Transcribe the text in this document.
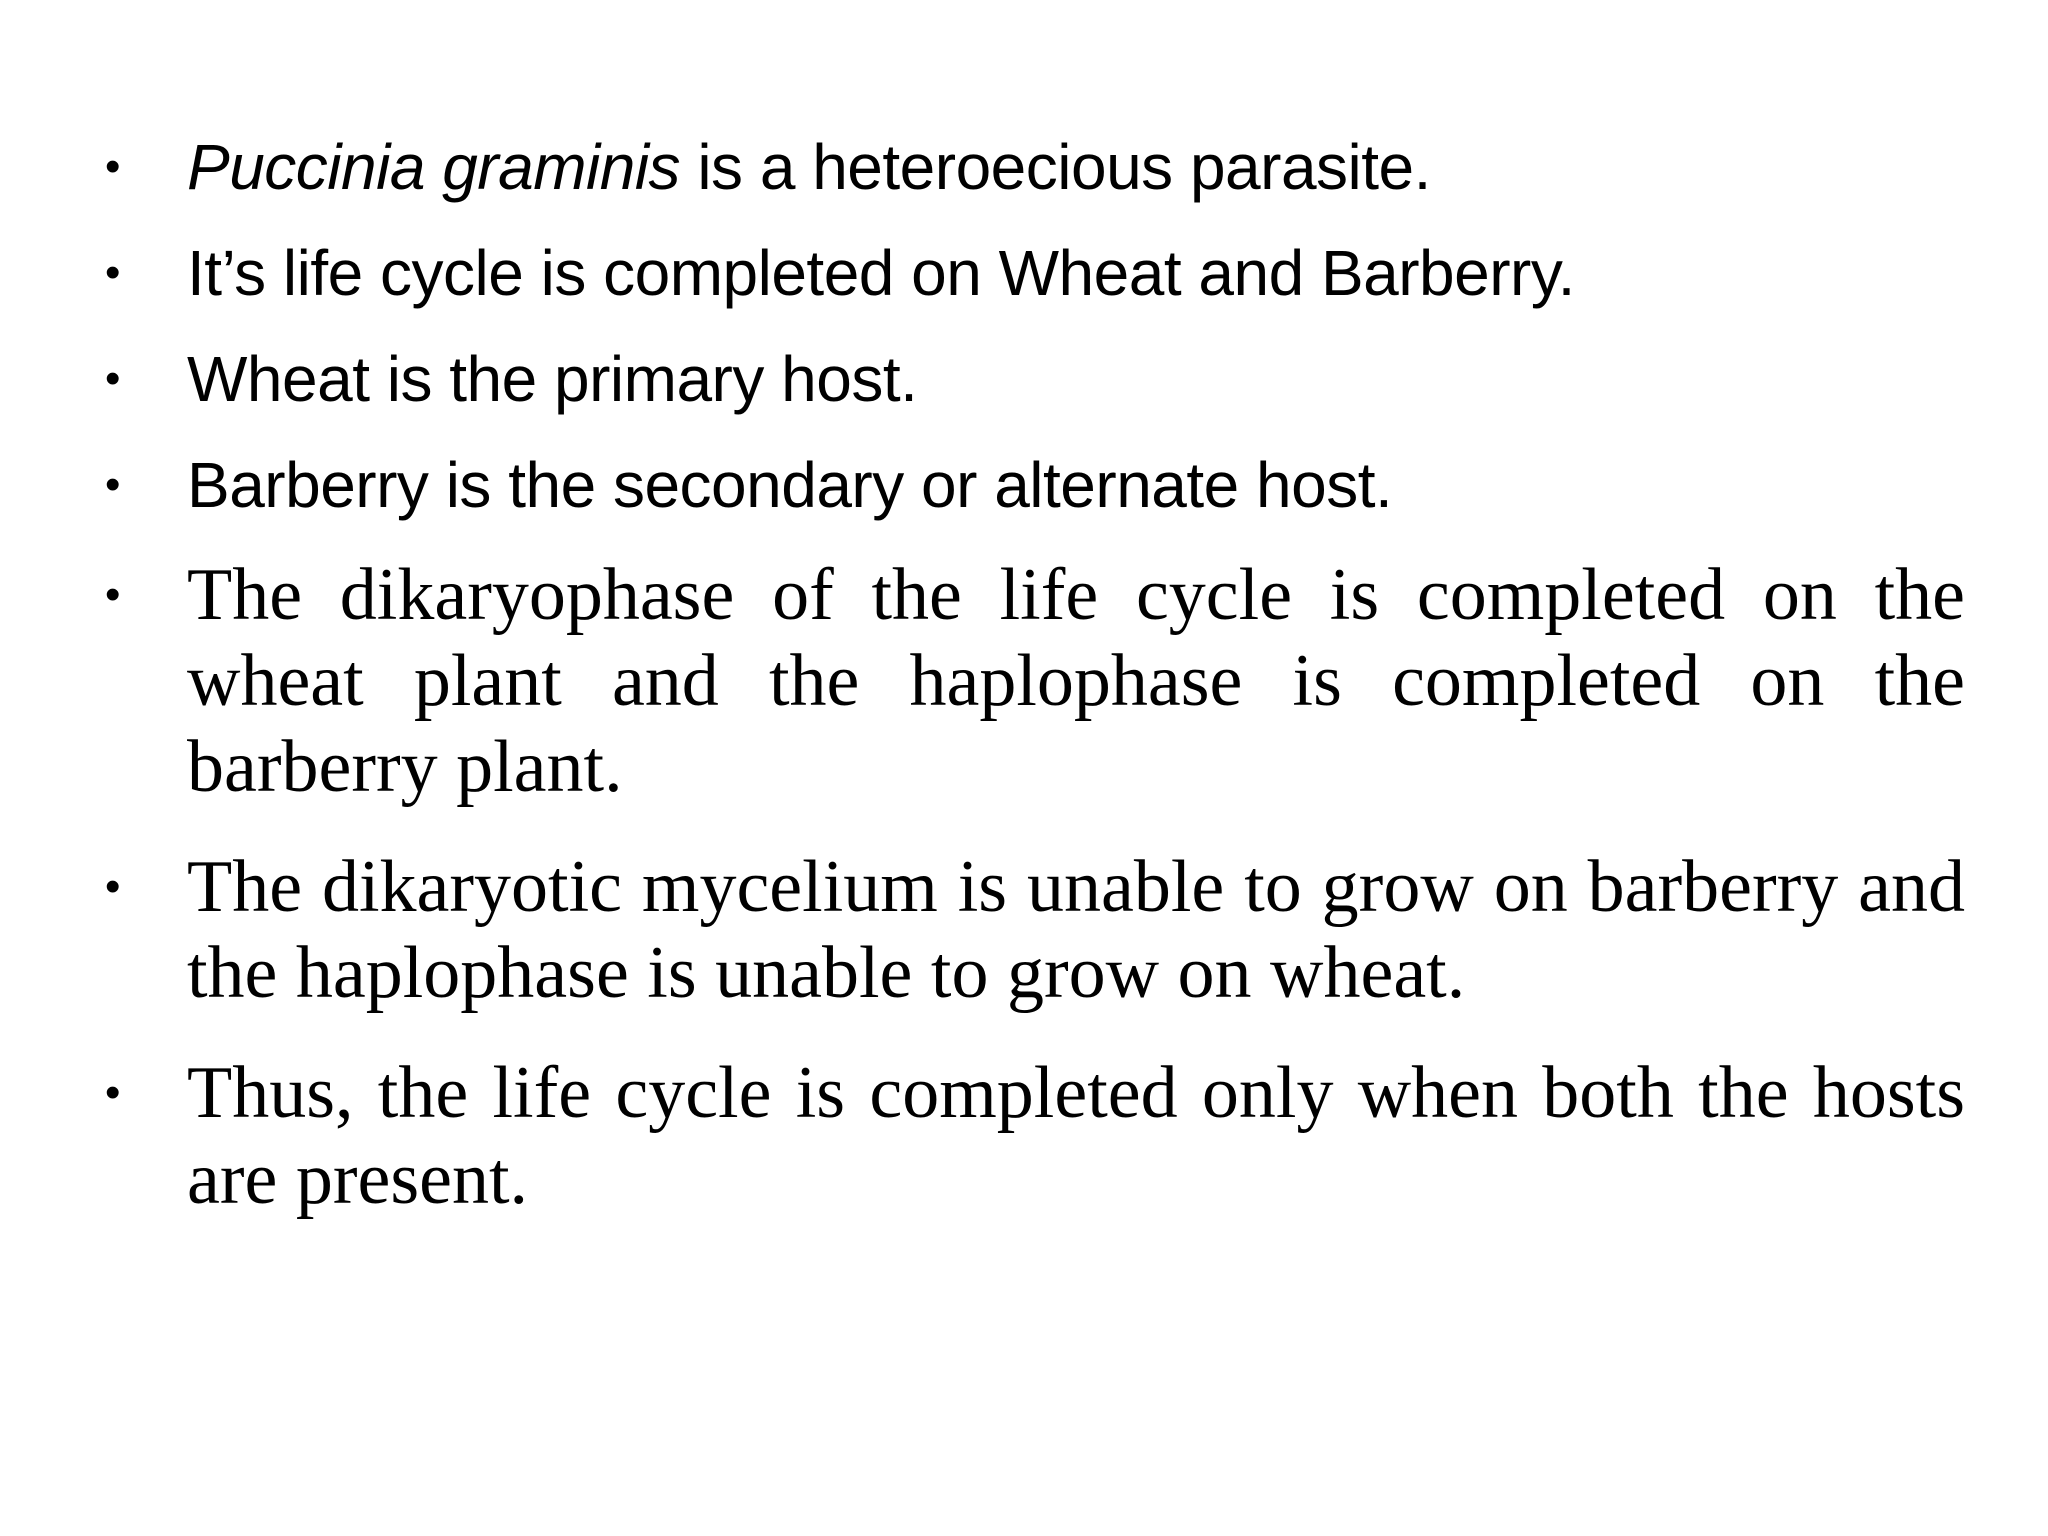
• Puccinia graminis is a heteroecious parasite.
• It’s life cycle is completed on Wheat and Barberry.
• Wheat is the primary host.
• Barberry is the secondary or alternate host.
• The dikaryophase of the life cycle is completed on the wheat plant and the haplophase is completed on the barberry plant.
• The dikaryotic mycelium is unable to grow on barberry and the haplophase is unable to grow on wheat.
• Thus, the life cycle is completed only when both the hosts are present.
